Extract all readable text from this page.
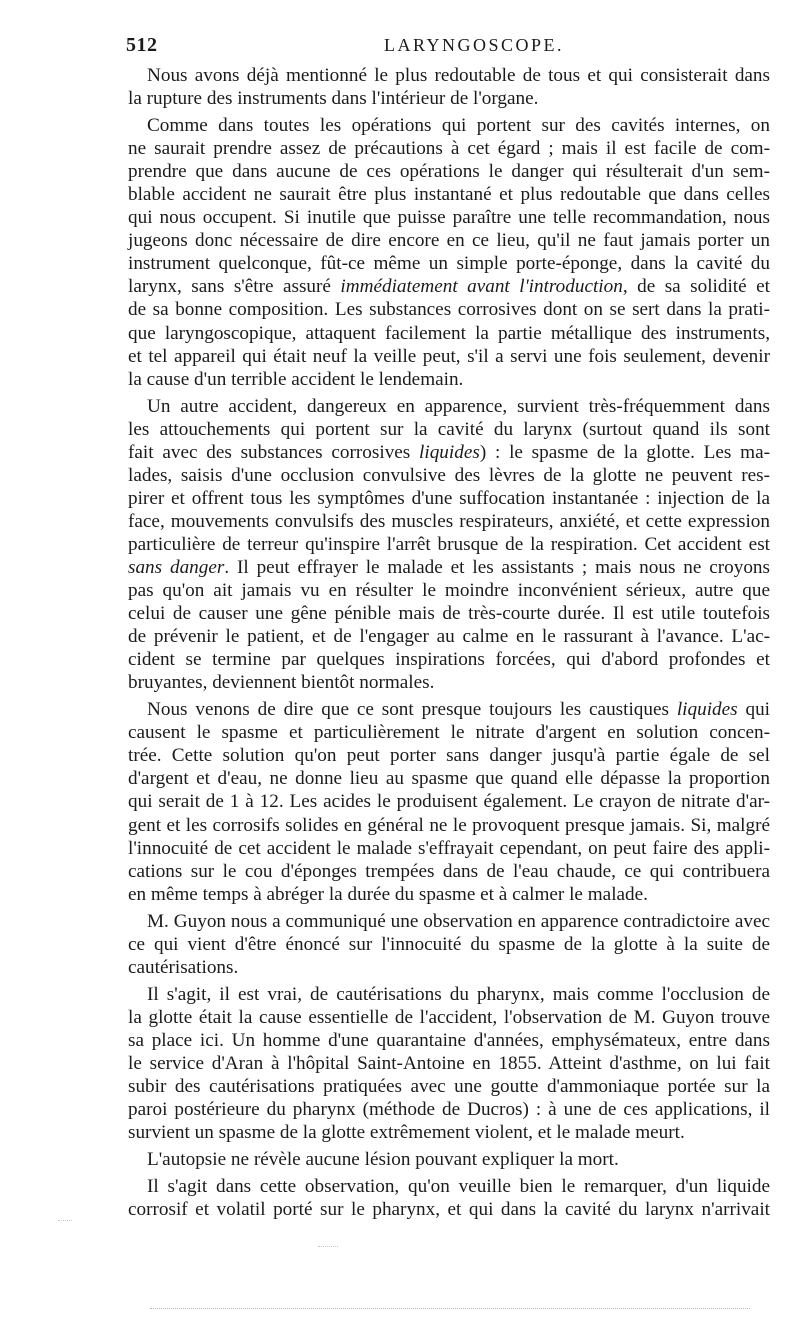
512	LARYNGOSCOPE.
Nous avons déjà mentionné le plus redoutable de tous et qui consisterait dans
la rupture des instruments dans l'intérieur de l'organe.
Comme dans toutes les opérations qui portent sur des cavités internes, on
ne saurait prendre assez de précautions à cet égard ; mais il est facile de com-
prendre que dans aucune de ces opérations le danger qui résulterait d'un sem-
blable accident ne saurait être plus instantané et plus redoutable que dans celles
qui nous occupent. Si inutile que puisse paraître une telle recommandation, nous
jugeons donc nécessaire de dire encore en ce lieu, qu'il ne faut jamais porter un
instrument quelconque, fût-ce même un simple porte-éponge, dans la cavité du
larynx, sans s'être assuré immédiatement avant l'introduction, de sa solidité et
de sa bonne composition. Les substances corrosives dont on se sert dans la prati-
que laryngoscopique, attaquent facilement la partie métallique des instruments,
et tel appareil qui était neuf la veille peut, s'il a servi une fois seulement, devenir
la cause d'un terrible accident le lendemain.
Un autre accident, dangereux en apparence, survient très-fréquemment dans
les attouchements qui portent sur la cavité du larynx (surtout quand ils sont
fait avec des substances corrosives liquides) : le spasme de la glotte. Les ma-
lades, saisis d'une occlusion convulsive des lèvres de la glotte ne peuvent res-
pirer et offrent tous les symptômes d'une suffocation instantanée : injection de la
face, mouvements convulsifs des muscles respirateurs, anxiété, et cette expression
particulière de terreur qu'inspire l'arrêt brusque de la respiration. Cet accident est
sans danger. Il peut effrayer le malade et les assistants ; mais nous ne croyons
pas qu'on ait jamais vu en résulter le moindre inconvénient sérieux, autre que
celui de causer une gêne pénible mais de très-courte durée. Il est utile toutefois
de prévenir le patient, et de l'engager au calme en le rassurant à l'avance. L'ac-
cident se termine par quelques inspirations forcées, qui d'abord profondes et
bruyantes, deviennent bientôt normales.
Nous venons de dire que ce sont presque toujours les caustiques liquides qui
causent le spasme et particulièrement le nitrate d'argent en solution concen-
trée. Cette solution qu'on peut porter sans danger jusqu'à partie égale de sel
d'argent et d'eau, ne donne lieu au spasme que quand elle dépasse la proportion
qui serait de 1 à 12. Les acides le produisent également. Le crayon de nitrate d'ar-
gent et les corrosifs solides en général ne le provoquent presque jamais. Si, malgré
l'innocuité de cet accident le malade s'effrayait cependant, on peut faire des appli-
cations sur le cou d'éponges trempées dans de l'eau chaude, ce qui contribuera
en même temps à abréger la durée du spasme et à calmer le malade.
M. Guyon nous a communiqué une observation en apparence contradictoire avec
ce qui vient d'être énoncé sur l'innocuité du spasme de la glotte à la suite de
cautérisations.
Il s'agit, il est vrai, de cautérisations du pharynx, mais comme l'occlusion de
la glotte était la cause essentielle de l'accident, l'observation de M. Guyon trouve
sa place ici. Un homme d'une quarantaine d'années, emphysémateux, entre dans
le service d'Aran à l'hôpital Saint-Antoine en 1855. Atteint d'asthme, on lui fait
subir des cautérisations pratiquées avec une goutte d'ammoniaque portée sur la
paroi postérieure du pharynx (méthode de Ducros) : à une de ces applications, il
survient un spasme de la glotte extrêmement violent, et le malade meurt.
L'autopsie ne révèle aucune lésion pouvant expliquer la mort.
Il s'agit dans cette observation, qu'on veuille bien le remarquer, d'un liquide
corrosif et volatil porté sur le pharynx, et qui dans la cavité du larynx n'arrivait
